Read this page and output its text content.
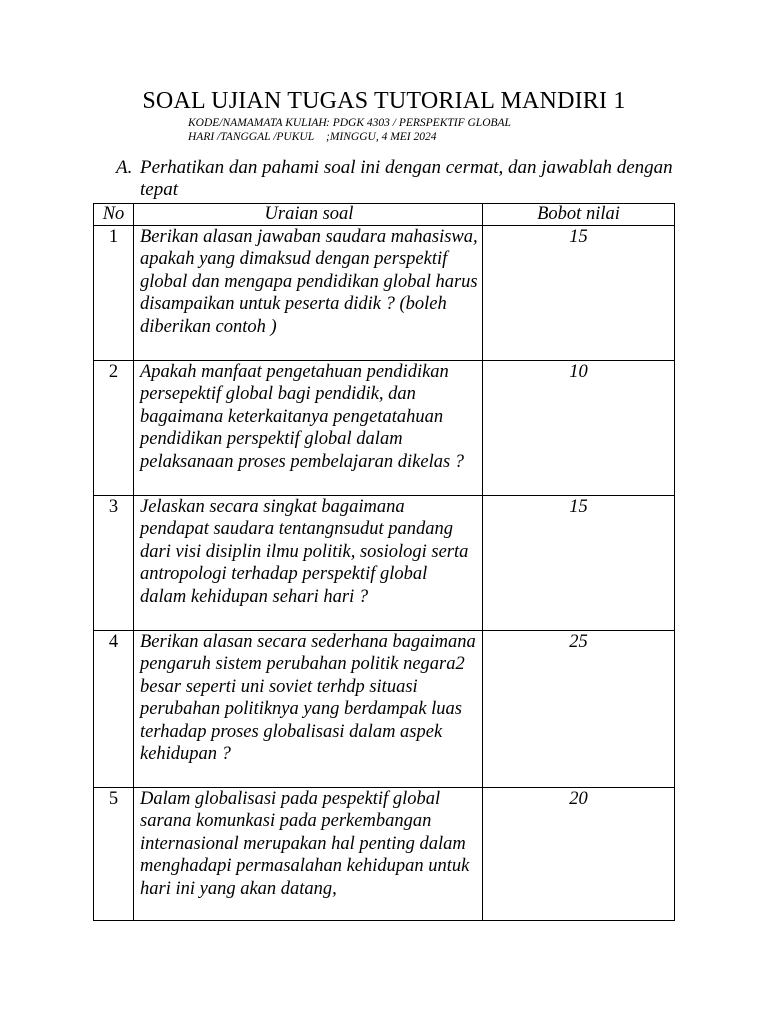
SOAL UJIAN TUGAS TUTORIAL MANDIRI 1
KODE/NAMAMATA KULIAH: PDGK 4303 / PERSPEKTIF GLOBAL
HARI /TANGGAL /PUKUL ;MINGGU, 4 MEI 2024
A. Perhatikan dan pahami soal ini dengan cermat, dan jawablah dengan tepat
No	Uraian soal	Bobot nilai
1	Berikan alasan jawaban saudara mahasiswa, apakah yang dimaksud dengan perspektif global dan mengapa pendidikan global harus disampaikan untuk peserta didik ? (boleh diberikan contoh )	15
2	Apakah manfaat pengetahuan pendidikan persepektif global bagi pendidik, dan bagaimana keterkaitanya pengetatahuan pendidikan perspektif global dalam pelaksanaan proses pembelajaran dikelas ?	10
3	Jelaskan secara singkat bagaimana pendapat saudara tentangnsudut pandang dari visi disiplin ilmu politik, sosiologi serta antropologi terhadap perspektif global dalam kehidupan sehari hari ?	15
4	Berikan alasan secara sederhana bagaimana pengaruh sistem perubahan politik negara2 besar seperti uni soviet terhdp situasi perubahan politiknya yang berdampak luas terhadap proses globalisasi dalam aspek kehidupan ?	25
5	Dalam globalisasi pada pespektif global sarana komunkasi pada perkembangan internasional merupakan hal penting dalam menghadapi permasalahan kehidupan untuk hari ini yang akan datang,	20
